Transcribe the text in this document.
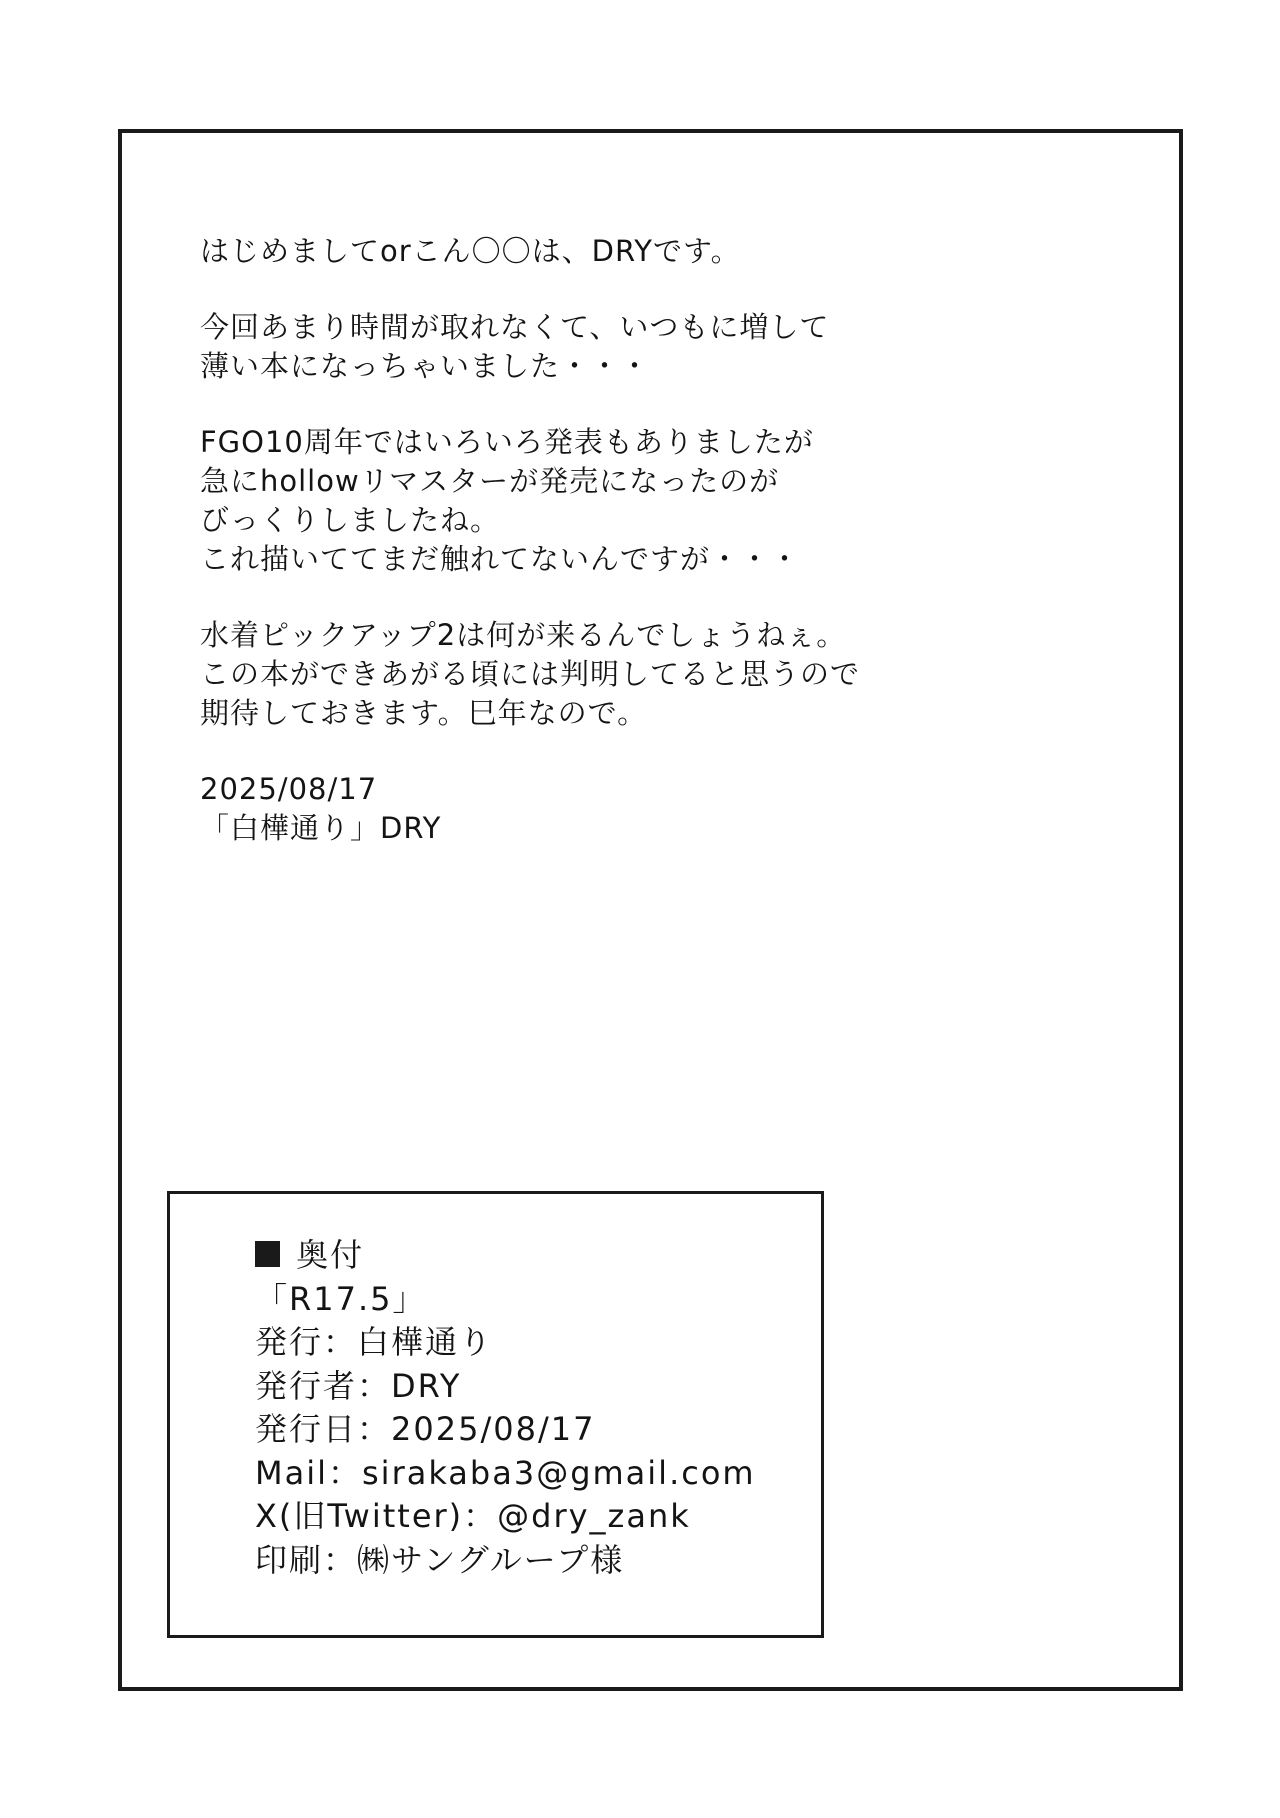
はじめましてorこん〇〇は、DRYです。
今回あまり時間が取れなくて、いつもに増して
薄い本になっちゃいました・・・
FGO10周年ではいろいろ発表もありましたが
急にhollowリマスターが発売になったのが
びっくりしましたね。
これ描いててまだ触れてないんですが・・・
水着ピックアップ2は何が来るんでしょうねぇ。
この本ができあがる頃には判明してると思うので
期待しておきます。巳年なので。
2025/08/17
「白樺通り」DRY
奥付
「R17.5」
発行：白樺通り
発行者：DRY
発行日：2025/08/17
Mail：sirakaba3@gmail.com
X(旧Twitter)：@dry_zank
印刷：㈱サングループ様
